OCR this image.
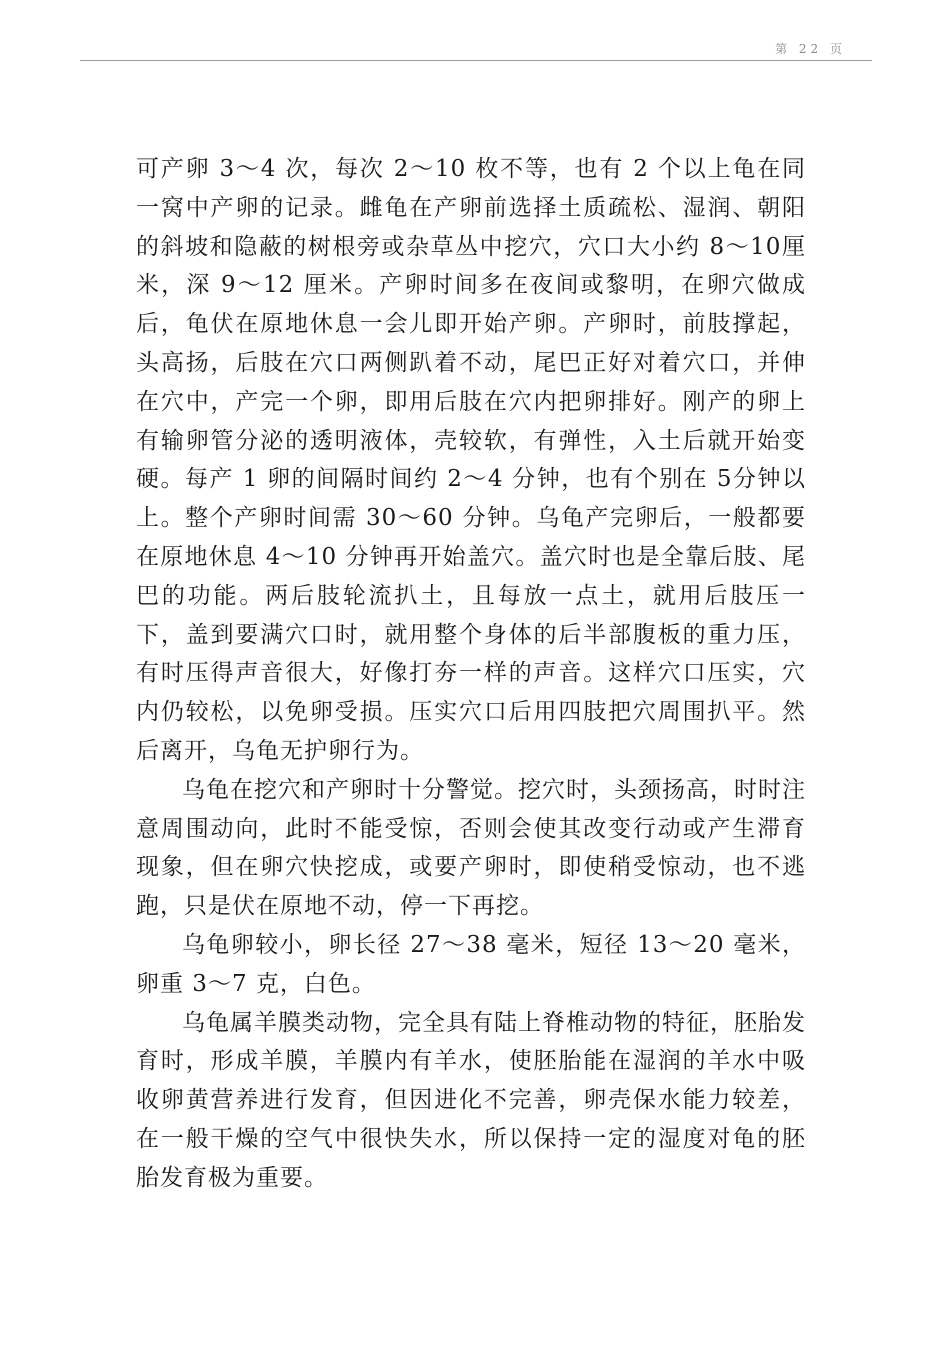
第 22 页

可产卵 3～4 次，每次 2～10 枚不等，也有 2 个以上龟在同一窝中产卵的记录。雌龟在产卵前选择土质疏松、湿润、朝阳的斜坡和隐蔽的树根旁或杂草丛中挖穴，穴口大小约 8～10厘米，深 9～12 厘米。产卵时间多在夜间或黎明，在卵穴做成后，龟伏在原地休息一会儿即开始产卵。产卵时，前肢撑起，头高扬，后肢在穴口两侧趴着不动，尾巴正好对着穴口，并伸在穴中，产完一个卵，即用后肢在穴内把卵排好。刚产的卵上有输卵管分泌的透明液体，壳较软，有弹性，入土后就开始变硬。每产 1 卵的间隔时间约 2～4 分钟，也有个别在 5分钟以上。整个产卵时间需 30～60 分钟。乌龟产完卵后，一般都要在原地休息 4～10 分钟再开始盖穴。盖穴时也是全靠后肢、尾巴的功能。两后肢轮流扒土，且每放一点土，就用后肢压一下，盖到要满穴口时，就用整个身体的后半部腹板的重力压，有时压得声音很大，好像打夯一样的声音。这样穴口压实，穴内仍较松，以免卵受损。压实穴口后用四肢把穴周围扒平。然后离开，乌龟无护卵行为。

乌龟在挖穴和产卵时十分警觉。挖穴时，头颈扬高，时时注意周围动向，此时不能受惊，否则会使其改变行动或产生滞育现象，但在卵穴快挖成，或要产卵时，即使稍受惊动，也不逃跑，只是伏在原地不动，停一下再挖。

乌龟卵较小，卵长径 27～38 毫米，短径 13～20 毫米，卵重 3～7 克，白色。

乌龟属羊膜类动物，完全具有陆上脊椎动物的特征，胚胎发育时，形成羊膜，羊膜内有羊水，使胚胎能在湿润的羊水中吸收卵黄营养进行发育，但因进化不完善，卵壳保水能力较差，在一般干燥的空气中很快失水，所以保持一定的湿度对龟的胚胎发育极为重要。
